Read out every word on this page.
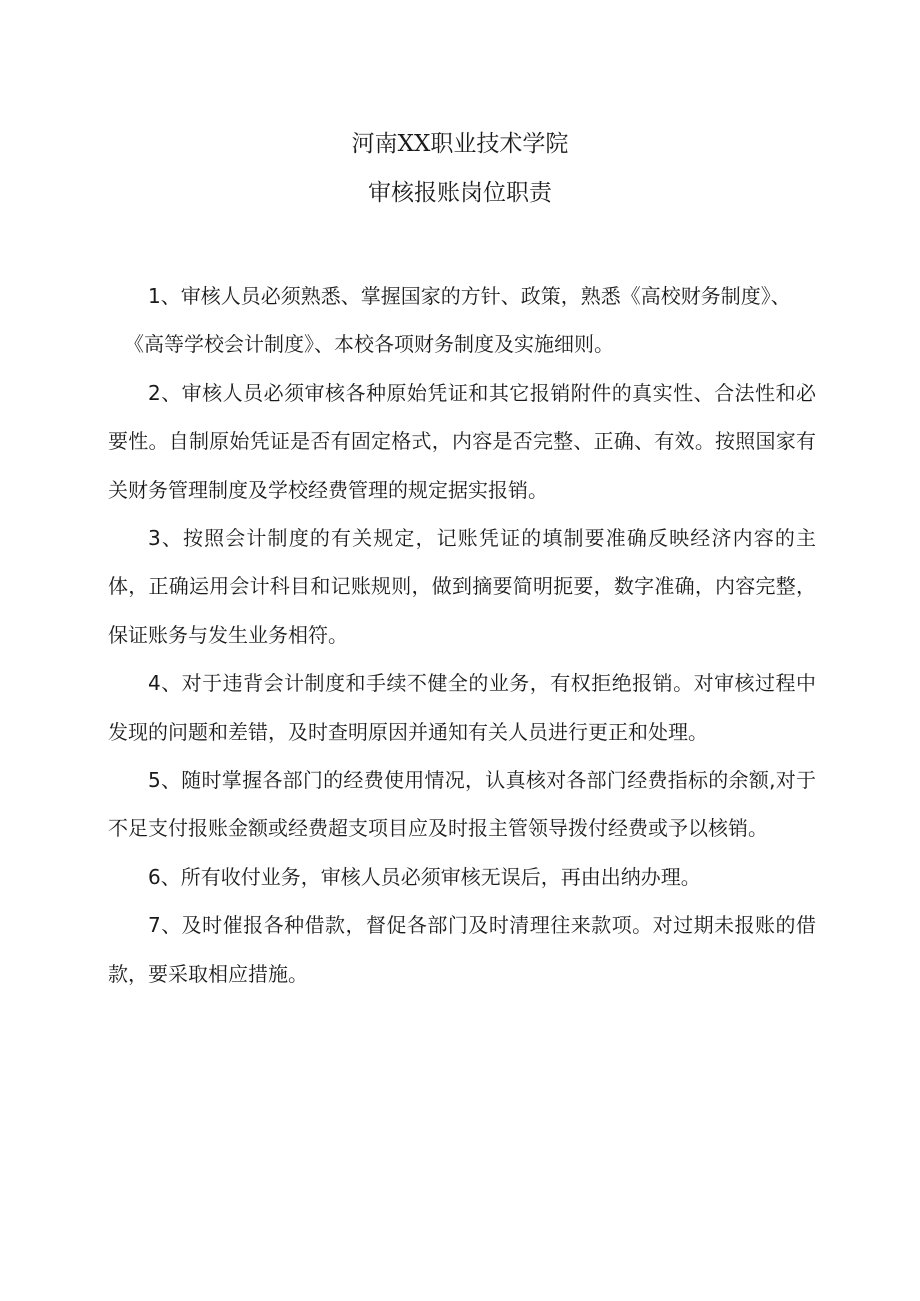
河南XX职业技术学院
审核报账岗位职责

1、审核人员必须熟悉、掌握国家的方针、政策，熟悉《高校财务制度》、

《高等学校会计制度》、本校各项财务制度及实施细则。

2、审核人员必须审核各种原始凭证和其它报销附件的真实性、合法性和必要性。自制原始凭证是否有固定格式，内容是否完整、正确、有效。按照国家有关财务管理制度及学校经费管理的规定据实报销。

3、按照会计制度的有关规定，记账凭证的填制要准确反映经济内容的主体，正确运用会计科目和记账规则，做到摘要简明扼要，数字准确，内容完整，保证账务与发生业务相符。

4、对于违背会计制度和手续不健全的业务，有权拒绝报销。对审核过程中发现的问题和差错，及时查明原因并通知有关人员进行更正和处理。

5、随时掌握各部门的经费使用情况，认真核对各部门经费指标的余额,对于不足支付报账金额或经费超支项目应及时报主管领导拨付经费或予以核销。

6、所有收付业务，审核人员必须审核无误后，再由出纳办理。

7、及时催报各种借款，督促各部门及时清理往来款项。对过期未报账的借款，要采取相应措施。
